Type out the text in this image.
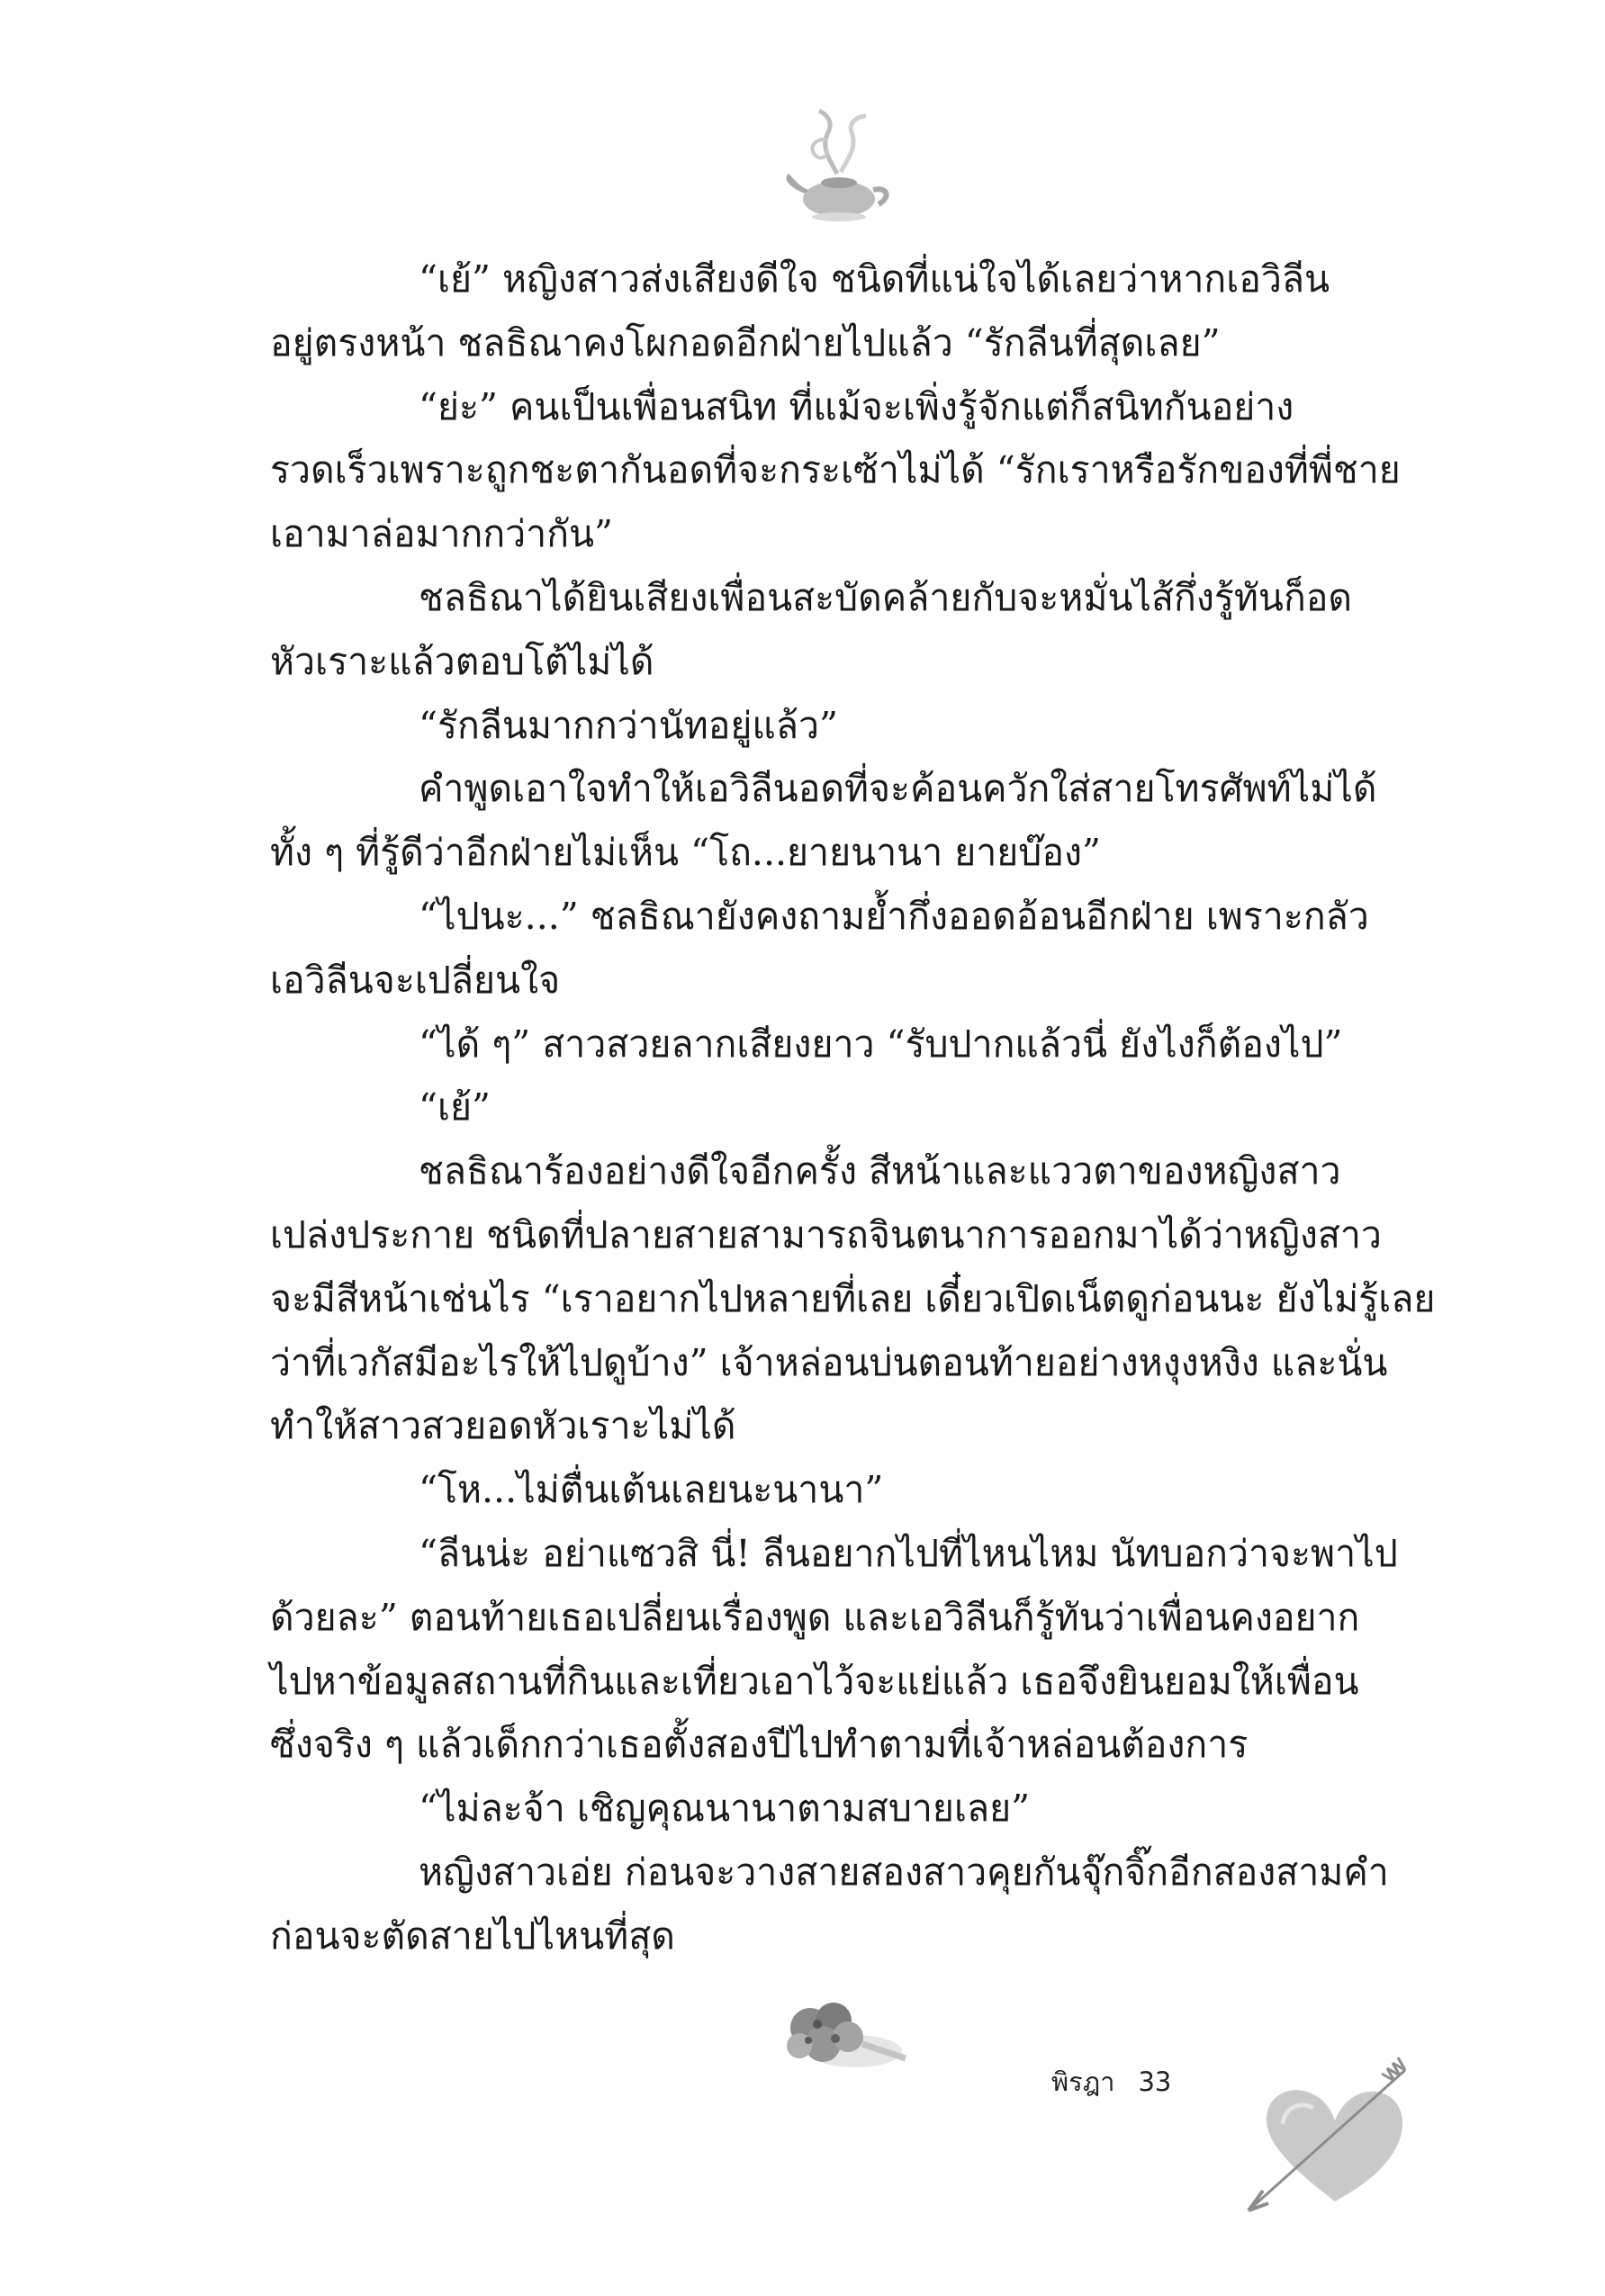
“เย้” หญิงสาวส่งเสียงดีใจ ชนิดที่แน่ใจได้เลยว่าหากเอวิลีน

อยู่ตรงหน้า ชลธิณาคงโผกอดอีกฝ่ายไปแล้ว “รักลีนที่สุดเลย”

“ย่ะ” คนเป็นเพื่อนสนิท ที่แม้จะเพิ่งรู้จักแต่ก็สนิทกันอย่าง

รวดเร็วเพราะถูกชะตากันอดที่จะกระเซ้าไม่ได้ “รักเราหรือรักของที่พี่ชาย

เอามาล่อมากกว่ากัน”

ชลธิณาได้ยินเสียงเพื่อนสะบัดคล้ายกับจะหมั่นไส้กึ่งรู้ทันก็อด

หัวเราะแล้วตอบโต้ไม่ได้

“รักลีนมากกว่านัทอยู่แล้ว”

คำพูดเอาใจทำให้เอวิลีนอดที่จะค้อนควักใส่สายโทรศัพท์ไม่ได้

ทั้ง ๆ ที่รู้ดีว่าอีกฝ่ายไม่เห็น “โถ...ยายนานา ยายบ๊อง”

“ไปนะ...” ชลธิณายังคงถามย้ำกึ่งออดอ้อนอีกฝ่าย เพราะกลัว

เอวิลีนจะเปลี่ยนใจ

“ได้ ๆ” สาวสวยลากเสียงยาว “รับปากแล้วนี่ ยังไงก็ต้องไป”

“เย้”

ชลธิณาร้องอย่างดีใจอีกครั้ง สีหน้าและแววตาของหญิงสาว

เปล่งประกาย ชนิดที่ปลายสายสามารถจินตนาการออกมาได้ว่าหญิงสาว

จะมีสีหน้าเช่นไร “เราอยากไปหลายที่เลย เดี๋ยวเปิดเน็ตดูก่อนนะ ยังไม่รู้เลย

ว่าที่เวกัสมีอะไรให้ไปดูบ้าง” เจ้าหล่อนบ่นตอนท้ายอย่างหงุงหงิง และนั่น

ทำให้สาวสวยอดหัวเราะไม่ได้

“โห...ไม่ตื่นเต้นเลยนะนานา”

“ลีนน่ะ อย่าแซวสิ นี่! ลีนอยากไปที่ไหนไหม นัทบอกว่าจะพาไป

ด้วยละ” ตอนท้ายเธอเปลี่ยนเรื่องพูด และเอวิลีนก็รู้ทันว่าเพื่อนคงอยาก

ไปหาข้อมูลสถานที่กินและเที่ยวเอาไว้จะแย่แล้ว เธอจึงยินยอมให้เพื่อน

ซึ่งจริง ๆ แล้วเด็กกว่าเธอตั้งสองปีไปทำตามที่เจ้าหล่อนต้องการ

“ไม่ละจ้า เชิญคุณนานาตามสบายเลย”

หญิงสาวเอ่ย ก่อนจะวางสายสองสาวคุยกันจุ๊กจิ๊กอีกสองสามคำ

ก่อนจะตัดสายไปไหนที่สุด

พิรฎา 33
